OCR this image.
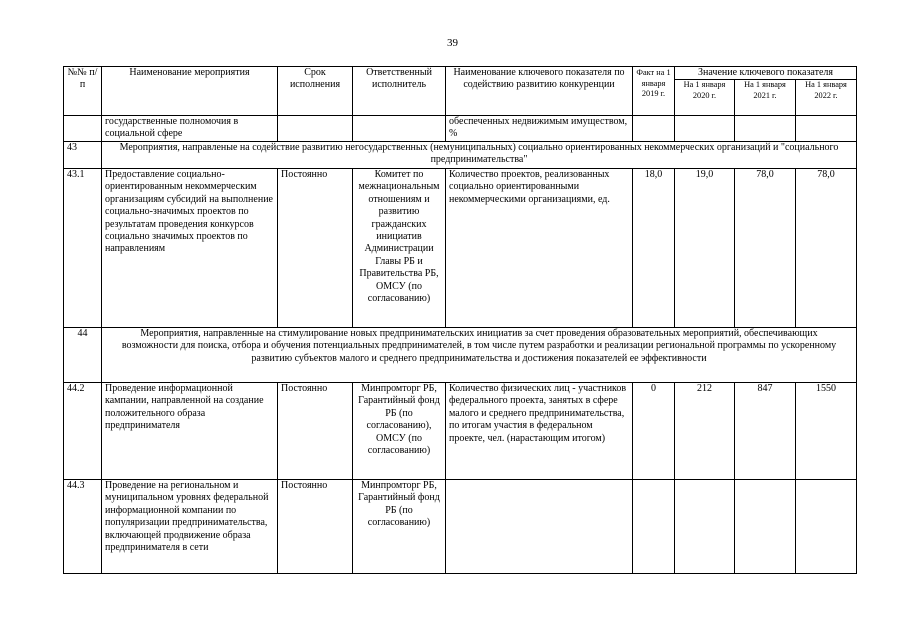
39
№№ п/п	Наименование мероприятия	Срок исполнения	Ответственный исполнитель	Наименование ключевого показателя по содействию развитию конкуренции	Факт на 1 января 2019 г.	Значение ключевого показателя		
						На 1 января 2020 г.	На 1 января 2021 г.	На 1 января 2022 г.
	государственные полномочия в социальной сфере			обеспеченных недвижимым имуществом, %				
43	Мероприятия, направленые на содействие развитию негосударственных (немуниципальных) социально ориентированных некоммерческих организаций и "социального предпринимательства"							
43.1	Предоставление социально-ориентированным некоммерческим организациям субсидий на выполнение социально-значимых проектов по результатам проведения конкурсов социально значимых проектов по направлениям	Постоянно	Комитет по межнациональным отношениям и развитию гражданских инициатив Администрации Главы РБ и Правительства РБ, ОМСУ (по согласованию)	Количество проектов, реализованных социально ориентированными некоммерческими организациями, ед.	18,0	19,0	78,0	78,0
44	Мероприятия, направленные на стимулирование новых предпринимательских инициатив за счет проведения образовательных мероприятий, обеспечивающих возможности для поиска, отбора и обучения потенциальных предпринимателей, в том числе путем разработки и реализации региональной программы по ускоренному развитию субъектов малого и среднего предпринимательства и достижения показателей ее эффективности							
44.2	Проведение информационной кампании, направленной на создание положительного образа предпринимателя	Постоянно	Минпромторг РБ, Гарантийный фонд РБ (по согласованию), ОМСУ (по согласованию)	Количество физических лиц - участников федерального проекта, занятых в сфере малого и среднего предпринимательства, по итогам участия в федеральном проекте, чел. (нарастающим итогом)	0	212	847	1550
44.3	Проведение на региональном и муниципальном уровнях федеральной информационной компании по популяризации предпринимательства, включающей продвижение образа предпринимателя в сети	Постоянно	Минпромторг РБ, Гарантийный фонд РБ (по согласованию)					
